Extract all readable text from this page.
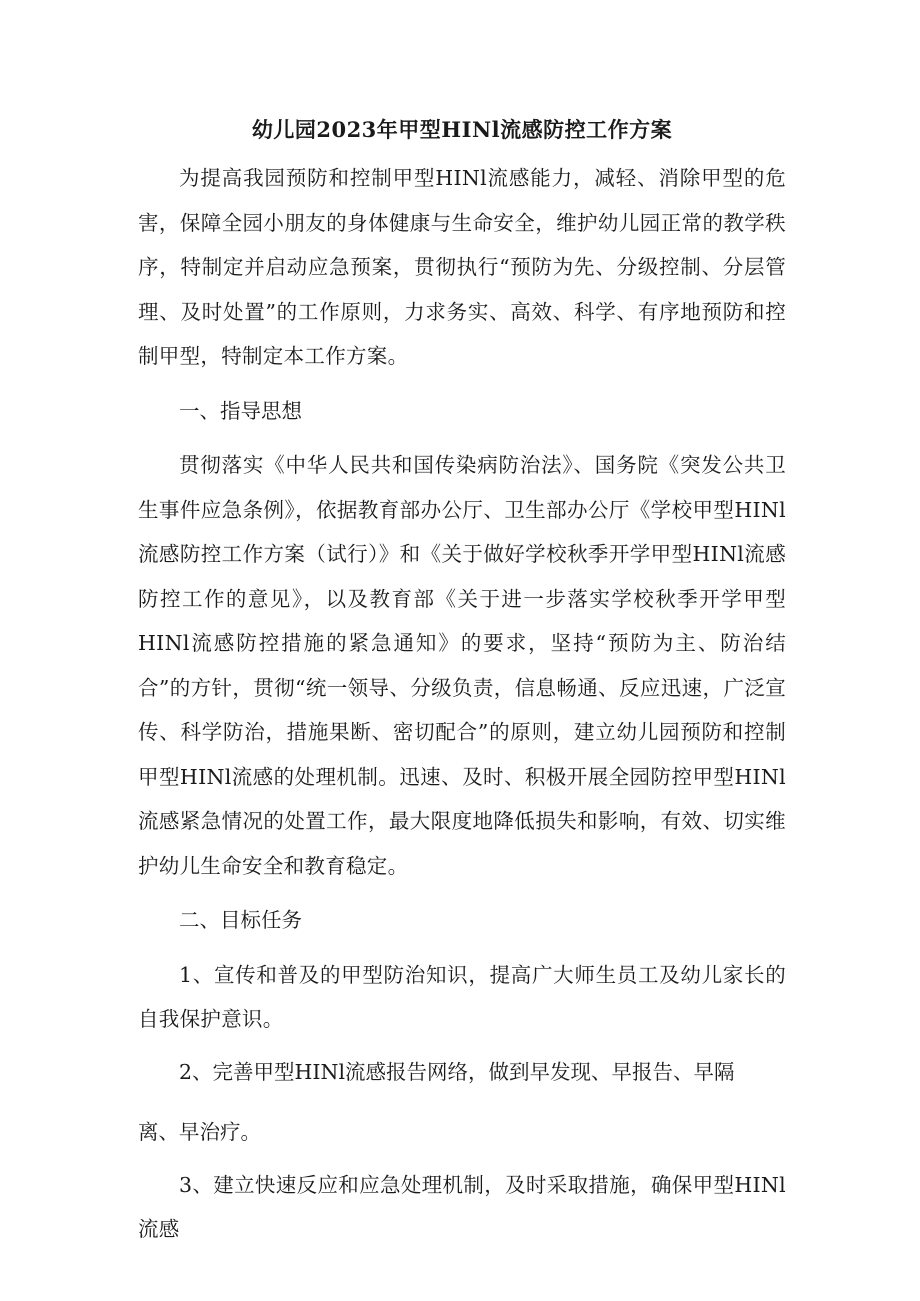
幼儿园2023年甲型HINl流感防控工作方案

为提高我园预防和控制甲型HINl流感能力，减轻、消除甲型的危害，保障全园小朋友的身体健康与生命安全，维护幼儿园正常的教学秩序，特制定并启动应急预案，贯彻执行“预防为先、分级控制、分层管理、及时处置”的工作原则，力求务实、高效、科学、有序地预防和控制甲型，特制定本工作方案。

一、指导思想

贯彻落实《中华人民共和国传染病防治法》、国务院《突发公共卫生事件应急条例》，依据教育部办公厅、卫生部办公厅《学校甲型HINl流感防控工作方案（试行）》和《关于做好学校秋季开学甲型HINl流感防控工作的意见》，以及教育部《关于进一步落实学校秋季开学甲型HINl流感防控措施的紧急通知》的要求，坚持“预防为主、防治结合”的方针，贯彻“统一领导、分级负责，信息畅通、反应迅速，广泛宣传、科学防治，措施果断、密切配合”的原则，建立幼儿园预防和控制甲型HINl流感的处理机制。迅速、及时、积极开展全园防控甲型HINl流感紧急情况的处置工作，最大限度地降低损失和影响，有效、切实维护幼儿生命安全和教育稳定。

二、目标任务

1、宣传和普及的甲型防治知识，提高广大师生员工及幼儿家长的自我保护意识。

2、完善甲型HINl流感报告网络，做到早发现、早报告、早隔
离、早治疗。

3、建立快速反应和应急处理机制，及时采取措施，确保甲型HINl流感
